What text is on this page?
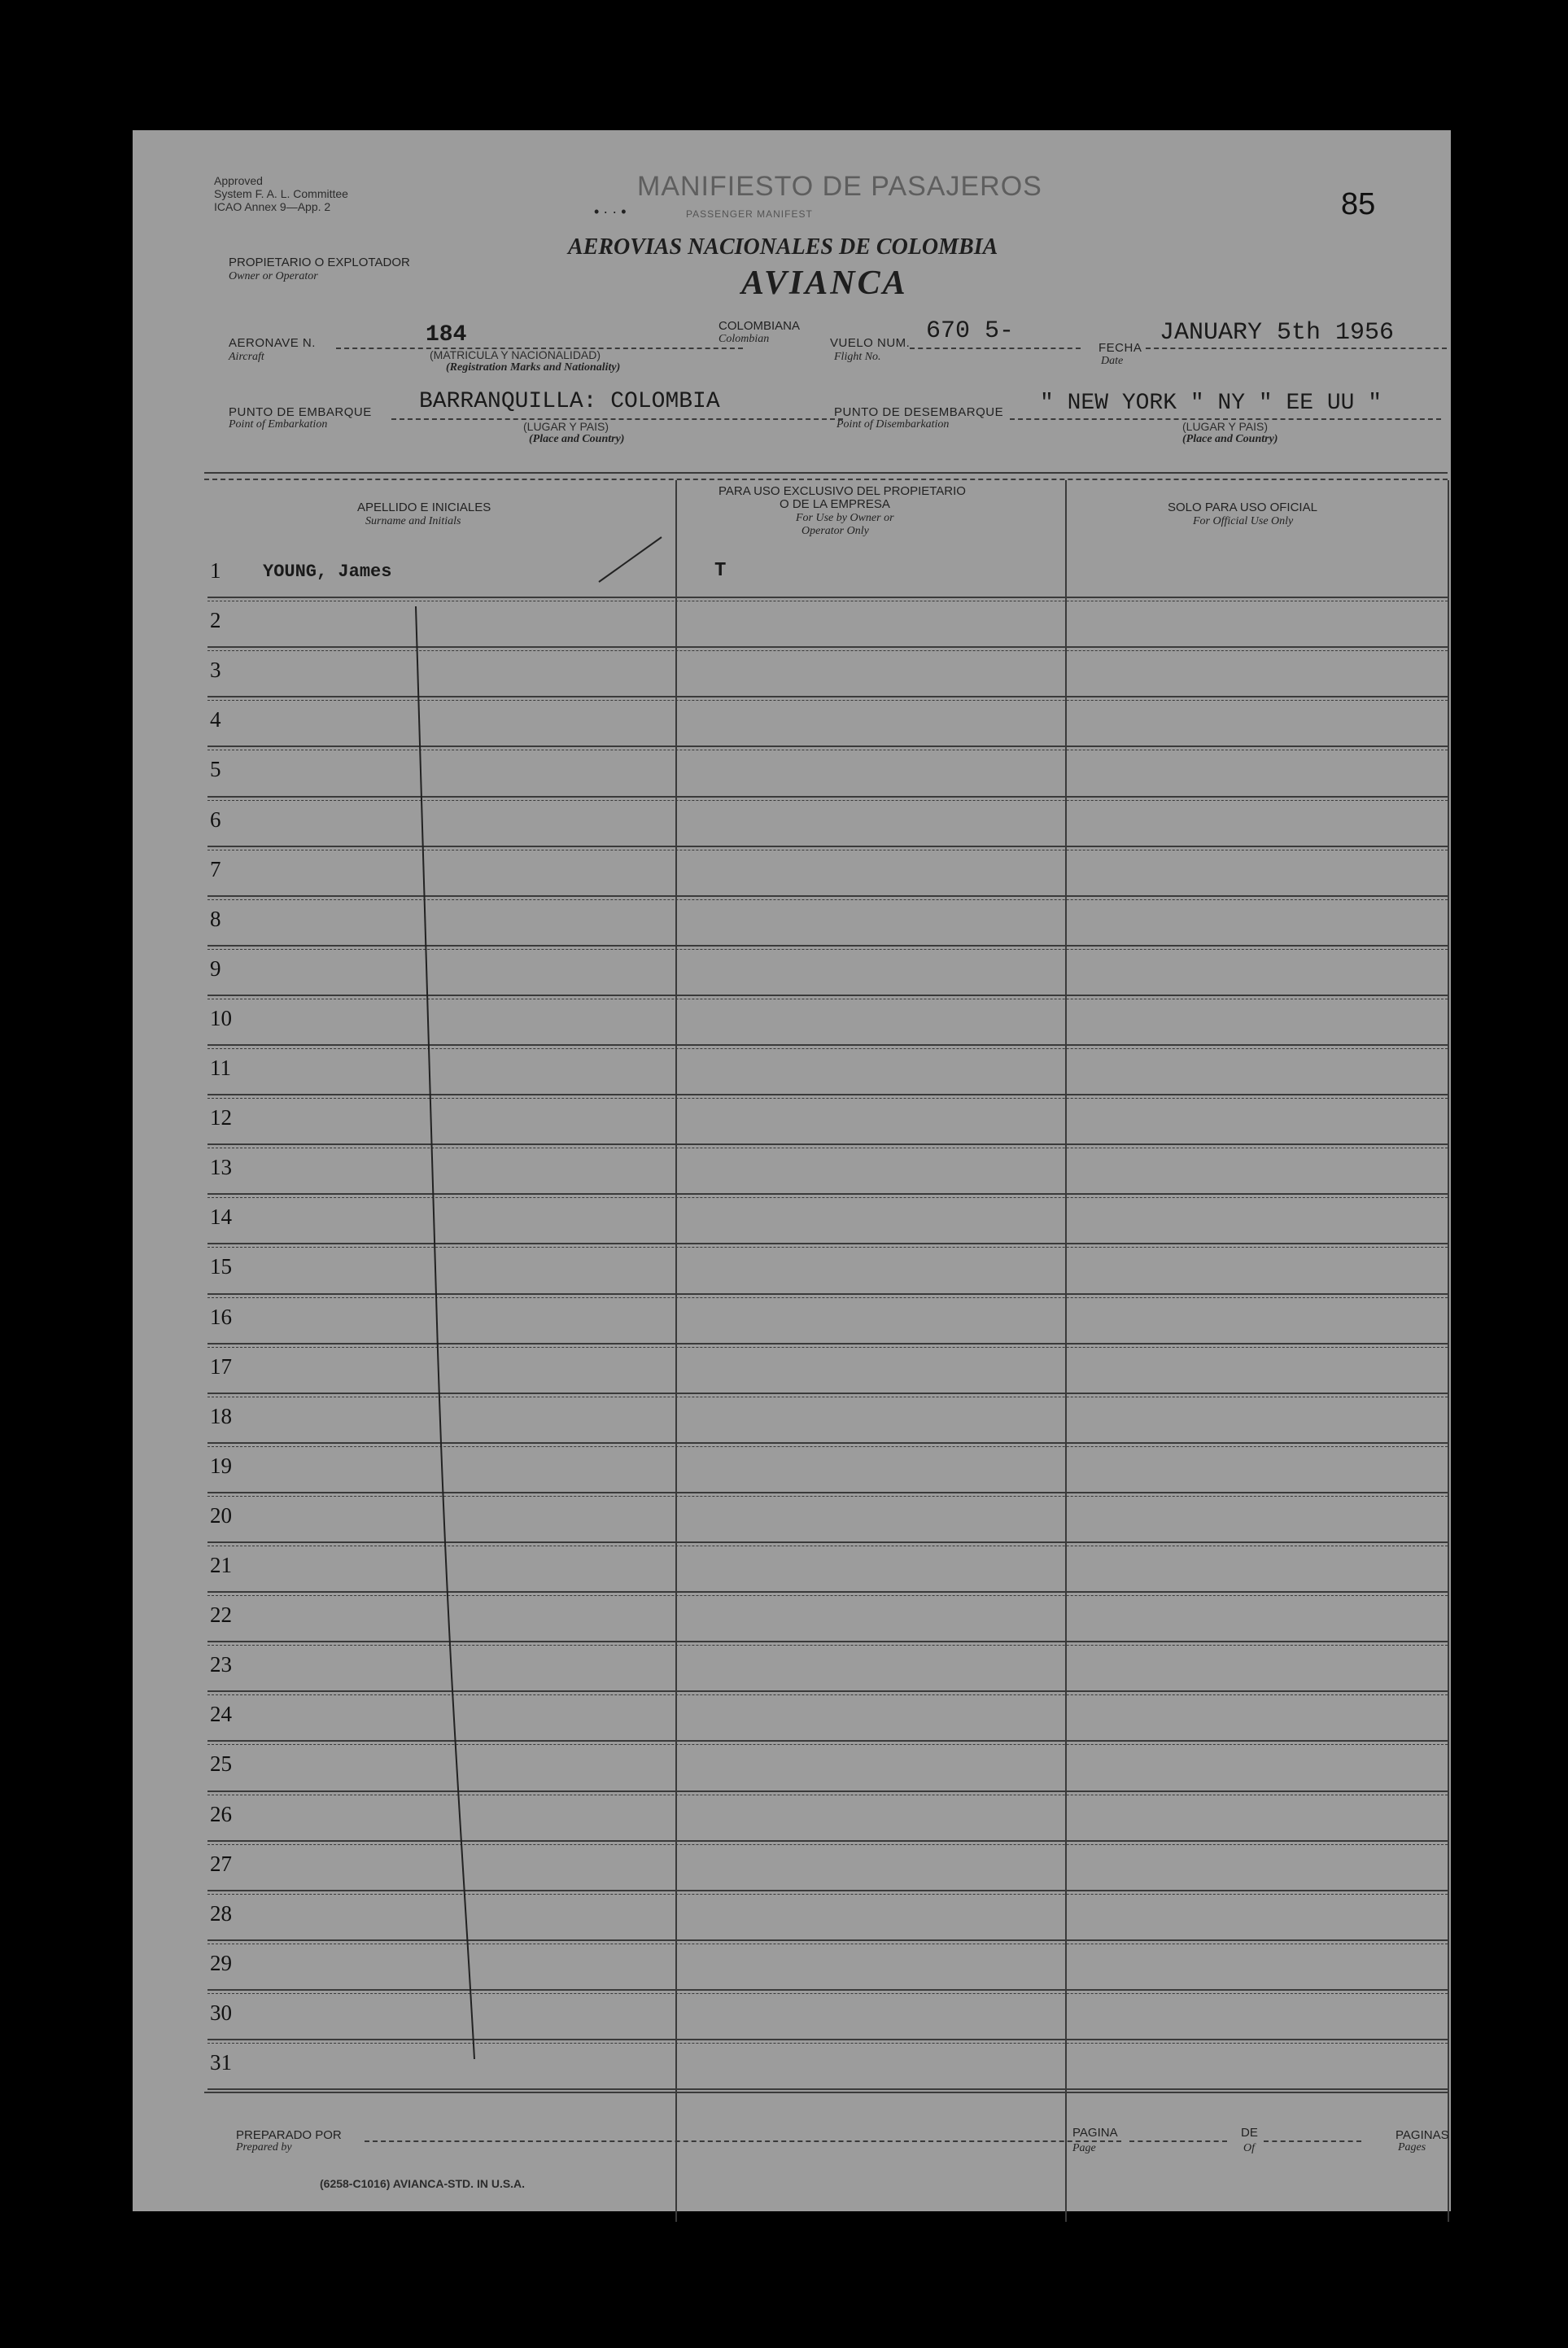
Approved
System F. A. L. Committee
ICAO Annex 9—App. 2
MANIFIESTO DE PASAJEROS
PASSENGER MANIFEST
• · · •	85
PROPIETARIO O EXPLOTADOR
Owner or Operator
AEROVIAS NACIONALES DE COLOMBIA
AVIANCA
AERONAVE N.
Aircraft
184
(MATRICULA Y NACIONALIDAD)
(Registration Marks and Nationality)
COLOMBIANA
Colombian	VUELO NUM.
Flight No.
670 5-
FECHA
Date
JANUARY 5th 1956
PUNTO DE EMBARQUE
Point of Embarkation
BARRANQUILLA: COLOMBIA
(LUGAR Y PAIS)
(Place and Country)
PUNTO DE DESEMBARQUE
Point of Disembarkation
" NEW YORK " NY " EE UU "
(LUGAR Y PAIS)
(Place and Country)
APELLIDO E INICIALES
Surname and Initials
PARA USO EXCLUSIVO DEL PROPIETARIO
O DE LA EMPRESA
For Use by Owner or
Operator Only
SOLO PARA USO OFICIAL
For Official Use Only
1 YOUNG, James	T
2
3
4
5
6
7
8
9
10
11
12
13
14
15
16
17
18
19
20
21
22
23
24
25
26
27
28
29
30
31
PREPARADO POR
Prepared by
PAGINA
Page
DE
Of
PAGINAS
Pages
(6258-C1016) AVIANCA-STD. IN U.S.A.
